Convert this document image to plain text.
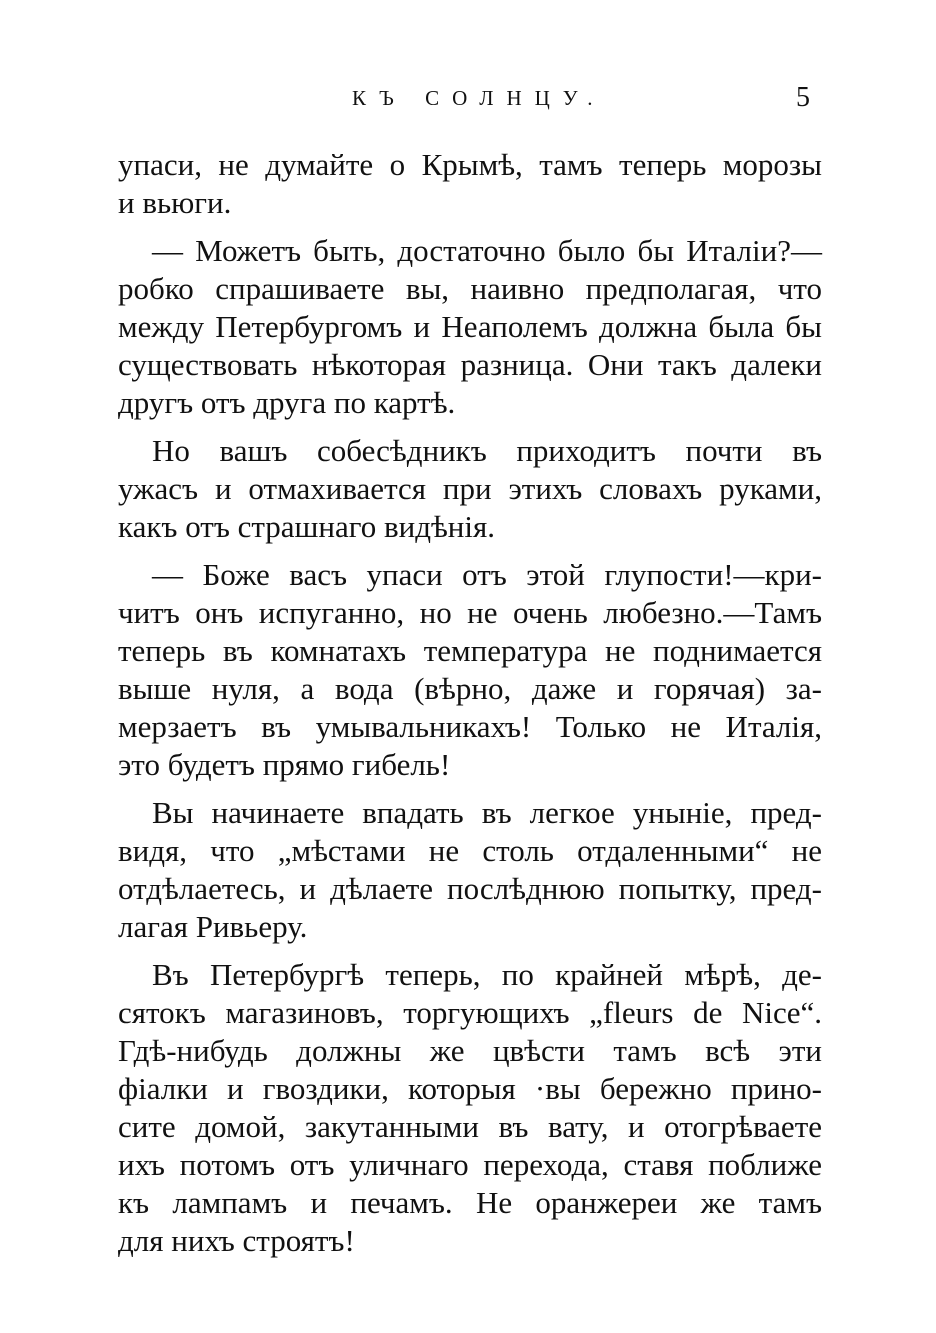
КЪ СОЛНЦУ.	5
упаси, не думайте о Крымѣ, тамъ теперь морозы
и вьюги.
— Можетъ быть, достаточно было бы Италіи?—
робко спрашиваете вы, наивно предполагая, что
между Петербургомъ и Неаполемъ должна была бы
существовать нѣкоторая разница. Они такъ далеки
другъ отъ друга по картѣ.
Но вашъ собесѣдникъ приходитъ почти въ
ужасъ и отмахивается при этихъ словахъ руками,
какъ отъ страшнаго видѣнія.
— Боже васъ упаси отъ этой глупости!—кри-
читъ онъ испуганно, но не очень любезно.—Тамъ
теперь въ комнатахъ температура не поднимается
выше нуля, а вода (вѣрно, даже и горячая) за-
мерзаетъ въ умывальникахъ! Только не Италія,
это будетъ прямо гибель!
Вы начинаете впадать въ легкое уныніе, пред-
видя, что „мѣстами не столь отдаленными“ не
отдѣлаетесь, и дѣлаете послѣднюю попытку, пред-
лагая Ривьеру.
Въ Петербургѣ теперь, по крайней мѣрѣ, де-
сятокъ магазиновъ, торгующихъ „fleurs de Nice“.
Гдѣ-нибудь должны же цвѣсти тамъ всѣ эти
фіалки и гвоздики, которыя ·вы бережно прино-
сите домой, закутанными въ вату, и отогрѣваете
ихъ потомъ отъ уличнаго перехода, ставя поближе
къ лампамъ и печамъ. Не оранжереи же тамъ
для нихъ строятъ!
